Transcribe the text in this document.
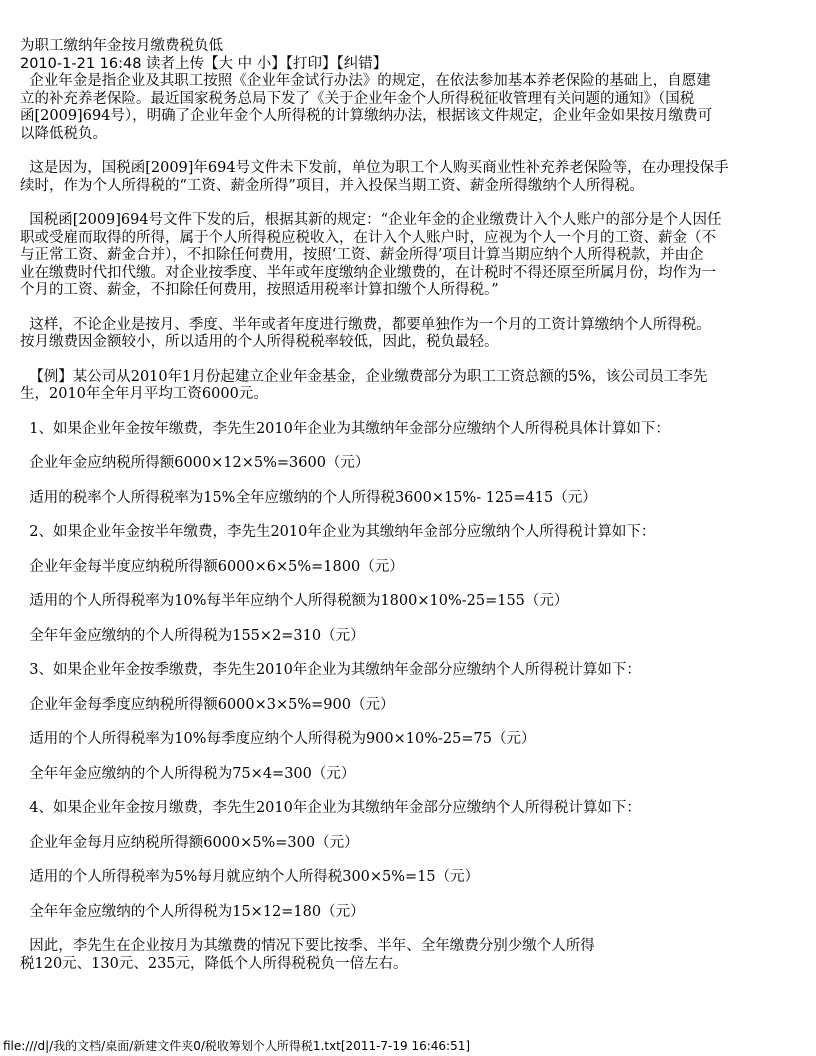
为职工缴纳年金按月缴费税负低
2010-1-21 16:48 读者上传【大 中 小】【打印】【纠错】

企业年金是指企业及其职工按照《企业年金试行办法》的规定，在依法参加基本养老保险的基础上，自愿建
立的补充养老保险。最近国家税务总局下发了《关于企业年金个人所得税征收管理有关问题的通知》（国税
函[2009]694号），明确了企业年金个人所得税的计算缴纳办法，根据该文件规定，企业年金如果按月缴费可
以降低税负。

这是因为，国税函[2009]年694号文件未下发前，单位为职工个人购买商业性补充养老保险等，在办理投保手
续时，作为个人所得税的“工资、薪金所得”项目，并入投保当期工资、薪金所得缴纳个人所得税。

国税函[2009]694号文件下发的后，根据其新的规定：“企业年金的企业缴费计入个人账户的部分是个人因任
职或受雇而取得的所得，属于个人所得税应税收入，在计入个人账户时，应视为个人一个月的工资、薪金（不
与正常工资、薪金合并），不扣除任何费用，按照‘工资、薪金所得’项目计算当期应纳个人所得税款，并由企
业在缴费时代扣代缴。对企业按季度、半年或年度缴纳企业缴费的，在计税时不得还原至所属月份，均作为一
个月的工资、薪金，不扣除任何费用，按照适用税率计算扣缴个人所得税。”

这样，不论企业是按月、季度、半年或者年度进行缴费，都要单独作为一个月的工资计算缴纳个人所得税。
按月缴费因金额较小，所以适用的个人所得税税率较低，因此，税负最轻。

【例】某公司从2010年1月份起建立企业年金基金，企业缴费部分为职工工资总额的5%，该公司员工李先
生，2010年全年月平均工资6000元。

1、如果企业年金按年缴费，李先生2010年企业为其缴纳年金部分应缴纳个人所得税具体计算如下：
企业年金应纳税所得额6000×12×5%=3600（元）
适用的税率个人所得税率为15%全年应缴纳的个人所得税3600×15%- 125=415（元）
2、如果企业年金按半年缴费，李先生2010年企业为其缴纳年金部分应缴纳个人所得税计算如下：
企业年金每半度应纳税所得额6000×6×5%=1800（元）
适用的个人所得税率为10%每半年应纳个人所得税额为1800×10%-25=155（元）
全年年金应缴纳的个人所得税为155×2=310（元）
3、如果企业年金按季缴费，李先生2010年企业为其缴纳年金部分应缴纳个人所得税计算如下：
企业年金每季度应纳税所得额6000×3×5%=900（元）
适用的个人所得税率为10%每季度应纳个人所得税为900×10%-25=75（元）
全年年金应缴纳的个人所得税为75×4=300（元）
4、如果企业年金按月缴费，李先生2010年企业为其缴纳年金部分应缴纳个人所得税计算如下：
企业年金每月应纳税所得额6000×5%=300（元）
适用的个人所得税率为5%每月就应纳个人所得税300×5%=15（元）
全年年金应缴纳的个人所得税为15×12=180（元）
因此，李先生在企业按月为其缴费的情况下要比按季、半年、全年缴费分别少缴个人所得
税120元、130元、235元，降低个人所得税税负一倍左右。
file:///d|/我的文档/桌面/新建文件夹0/税收筹划个人所得税1.txt[2011-7-19 16:46:51]
